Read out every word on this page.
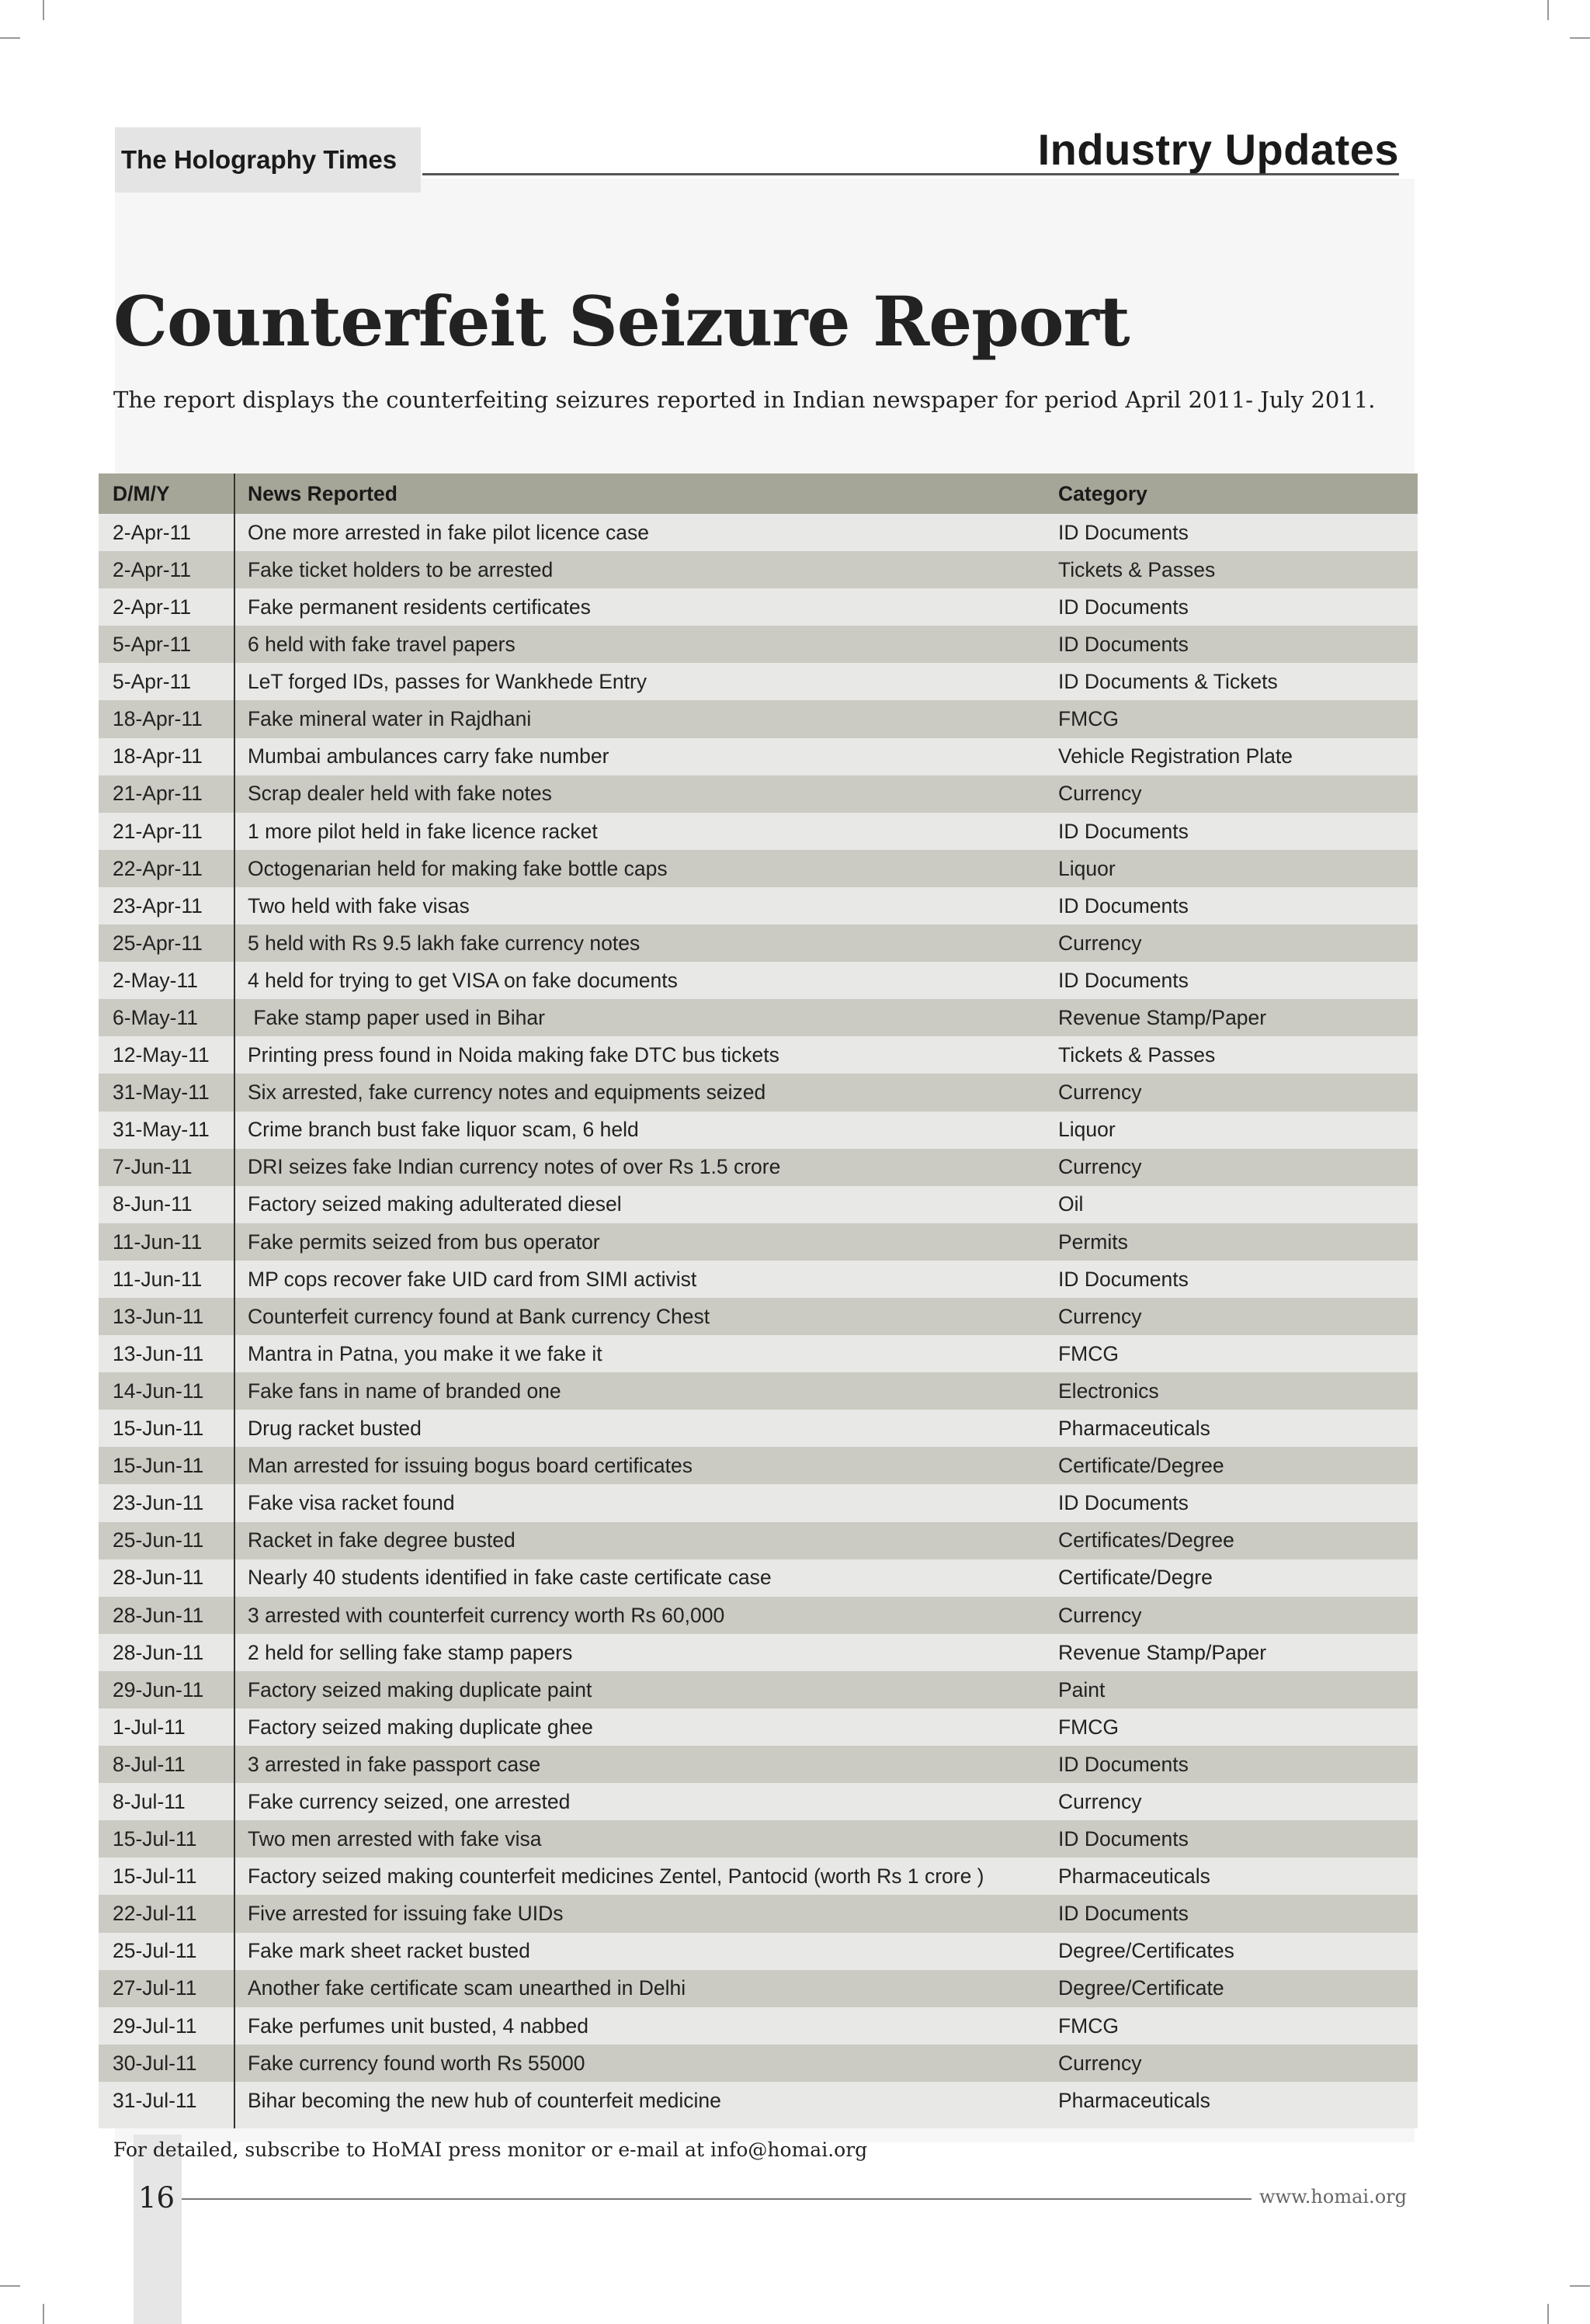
The Holography Times	Industry Updates
Counterfeit Seizure Report
The report displays the counterfeiting seizures reported in Indian newspaper for period April 2011- July 2011.
D/M/Y	News Reported	Category
2-Apr-11	One more arrested in fake pilot licence case	ID Documents
2-Apr-11	Fake ticket holders to be arrested	Tickets & Passes
2-Apr-11	Fake permanent residents certificates	ID Documents
5-Apr-11	6 held with fake travel papers	ID Documents
5-Apr-11	LeT forged IDs, passes for Wankhede Entry	ID Documents & Tickets
18-Apr-11	Fake mineral water in Rajdhani	FMCG
18-Apr-11	Mumbai ambulances carry fake number	Vehicle Registration Plate
21-Apr-11	Scrap dealer held with fake notes	Currency
21-Apr-11	1 more pilot held in fake licence racket	ID Documents
22-Apr-11	Octogenarian held for making fake bottle caps	Liquor
23-Apr-11	Two held with fake visas	ID Documents
25-Apr-11	5 held with Rs 9.5 lakh fake currency notes	Currency
2-May-11	4 held for trying to get VISA on fake documents	ID Documents
6-May-11	Fake stamp paper used in Bihar	Revenue Stamp/Paper
12-May-11	Printing press found in Noida making fake DTC bus tickets	Tickets & Passes
31-May-11	Six arrested, fake currency notes and equipments seized	Currency
31-May-11	Crime branch bust fake liquor scam, 6 held	Liquor
7-Jun-11	DRI seizes fake Indian currency notes of over Rs 1.5 crore	Currency
8-Jun-11	Factory seized making adulterated diesel	Oil
11-Jun-11	Fake permits seized from bus operator	Permits
11-Jun-11	MP cops recover fake UID card from SIMI activist	ID Documents
13-Jun-11	Counterfeit currency found at Bank currency Chest	Currency
13-Jun-11	Mantra in Patna, you make it we fake it	FMCG
14-Jun-11	Fake fans in name of branded one	Electronics
15-Jun-11	Drug racket busted	Pharmaceuticals
15-Jun-11	Man arrested for issuing bogus board certificates	Certificate/Degree
23-Jun-11	Fake visa racket found	ID Documents
25-Jun-11	Racket in fake degree busted	Certificates/Degree
28-Jun-11	Nearly 40 students identified in fake caste certificate case	Certificate/Degre
28-Jun-11	3 arrested with counterfeit currency worth Rs 60,000	Currency
28-Jun-11	2 held for selling fake stamp papers	Revenue Stamp/Paper
29-Jun-11	Factory seized making duplicate paint	Paint
1-Jul-11	Factory seized making duplicate ghee	FMCG
8-Jul-11	3 arrested in fake passport case	ID Documents
8-Jul-11	Fake currency seized, one arrested	Currency
15-Jul-11	Two men arrested with fake visa	ID Documents
15-Jul-11	Factory seized making counterfeit medicines Zentel, Pantocid (worth Rs 1 crore )	Pharmaceuticals
22-Jul-11	Five arrested for issuing fake UIDs	ID Documents
25-Jul-11	Fake mark sheet racket busted	Degree/Certificates
27-Jul-11	Another fake certificate scam unearthed in Delhi	Degree/Certificate
29-Jul-11	Fake perfumes unit busted, 4 nabbed	FMCG
30-Jul-11	Fake currency found worth Rs 55000	Currency
31-Jul-11	Bihar becoming the new hub of counterfeit medicine	Pharmaceuticals
For detailed, subscribe to HoMAI press monitor or e-mail at info@homai.org
16	www.homai.org
